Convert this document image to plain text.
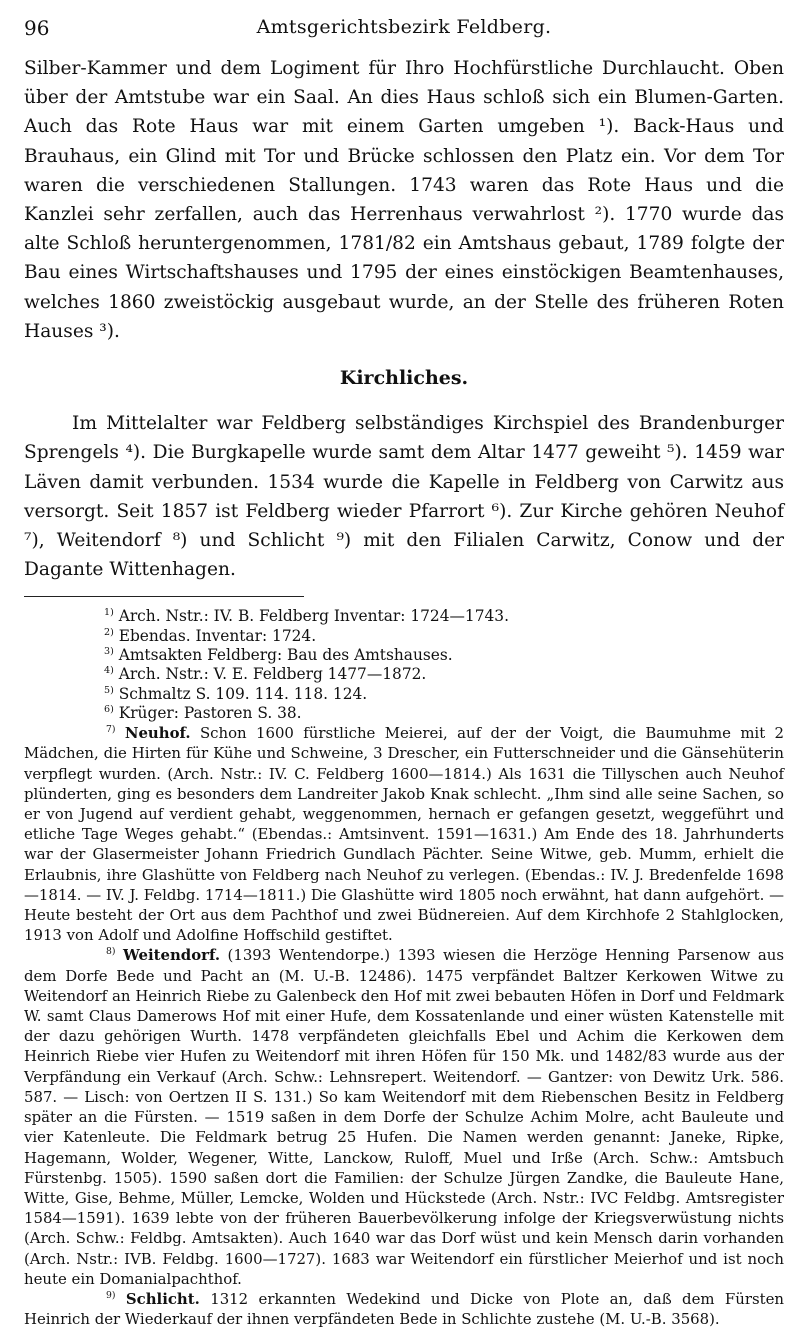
96	Amtsgerichtsbezirk Feldberg.

Silber-Kammer und dem Logiment für Ihro Hochfürstliche Durchlaucht. Oben über der Amtstube war ein Saal. An dies Haus schloß sich ein Blumen-Garten. Auch das Rote Haus war mit einem Garten umgeben ¹). Back-Haus und Brauhaus, ein Glind mit Tor und Brücke schlossen den Platz ein. Vor dem Tor waren die verschiedenen Stallungen. 1743 waren das Rote Haus und die Kanzlei sehr zerfallen, auch das Herrenhaus verwahrlost ²). 1770 wurde das alte Schloß heruntergenommen, 1781/82 ein Amtshaus gebaut, 1789 folgte der Bau eines Wirtschaftshauses und 1795 der eines einstöckigen Beamtenhauses, welches 1860 zweistöckig ausgebaut wurde, an der Stelle des früheren Roten Hauses ³).

Kirchliches.

Im Mittelalter war Feldberg selbständiges Kirchspiel des Brandenburger Sprengels ⁴). Die Burgkapelle wurde samt dem Altar 1477 geweiht ⁵). 1459 war Läven damit verbunden. 1534 wurde die Kapelle in Feldberg von Carwitz aus versorgt. Seit 1857 ist Feldberg wieder Pfarrort ⁶). Zur Kirche gehören Neuhof ⁷), Weitendorf ⁸) und Schlicht ⁹) mit den Filialen Carwitz, Conow und der Dagante Wittenhagen.

$^{1)}$ Arch. Nstr.: IV. B. Feldberg Inventar: 1724—1743.
$^{2)}$ Ebendas. Inventar: 1724.
$^{3)}$ Amtsakten Feldberg: Bau des Amtshauses.
$^{4)}$ Arch. Nstr.: V. E. Feldberg 1477—1872.
$^{5)}$ Schmaltz S. 109. 114. 118. 124.
$^{6)}$ Krüger: Pastoren S. 38.

$^{7)}$ Neuhof. Schon 1600 fürstliche Meierei, auf der der Voigt, die Baumuhme mit 2 Mädchen, die Hirten für Kühe und Schweine, 3 Drescher, ein Futterschneider und die Gänsehüterin verpflegt wurden. (Arch. Nstr.: IV. C. Feldberg 1600—1814.) Als 1631 die Tillyschen auch Neuhof plünderten, ging es besonders dem Landreiter Jakob Knak schlecht. „Ihm sind alle seine Sachen, so er von Jugend auf verdient gehabt, weggenommen, hernach er gefangen gesetzt, weggeführt und etliche Tage Weges gehabt.“ (Ebendas.: Amtsinvent. 1591—1631.) Am Ende des 18. Jahrhunderts war der Glasermeister Johann Friedrich Gundlach Pächter. Seine Witwe, geb. Mumm, erhielt die Erlaubnis, ihre Glashütte von Feldberg nach Neuhof zu verlegen. (Ebendas.: IV. J. Bredenfelde 1698—1814. — IV. J. Feldbg. 1714—1811.) Die Glashütte wird 1805 noch erwähnt, hat dann aufgehört. — Heute besteht der Ort aus dem Pachthof und zwei Büdnereien. Auf dem Kirchhofe 2 Stahlglocken, 1913 von Adolf und Adolfine Hoffschild gestiftet.

$^{8)}$ Weitendorf. (1393 Wentendorpe.) 1393 wiesen die Herzöge Henning Parsenow aus dem Dorfe Bede und Pacht an (M. U.-B. 12486). 1475 verpfändet Baltzer Kerkowen Witwe zu Weitendorf an Heinrich Riebe zu Galenbeck den Hof mit zwei bebauten Höfen in Dorf und Feldmark W. samt Claus Damerows Hof mit einer Hufe, dem Kossatenlande und einer wüsten Katenstelle mit der dazu gehörigen Wurth. 1478 verpfändeten gleichfalls Ebel und Achim die Kerkowen dem Heinrich Riebe vier Hufen zu Weitendorf mit ihren Höfen für 150 Mk. und 1482/83 wurde aus der Verpfändung ein Verkauf (Arch. Schw.: Lehnsrepert. Weitendorf. — Gantzer: von Dewitz Urk. 586. 587. — Lisch: von Oertzen II S. 131.) So kam Weitendorf mit dem Riebenschen Besitz in Feldberg später an die Fürsten. — 1519 saßen in dem Dorfe der Schulze Achim Molre, acht Bauleute und vier Katenleute. Die Feldmark betrug 25 Hufen. Die Namen werden genannt: Janeke, Ripke, Hagemann, Wolder, Wegener, Witte, Lanckow, Ruloff, Muel und Irße (Arch. Schw.: Amtsbuch Fürstenbg. 1505). 1590 saßen dort die Familien: der Schulze Jürgen Zandke, die Bauleute Hane, Witte, Gise, Behme, Müller, Lemcke, Wolden und Hückstede (Arch. Nstr.: IVC Feldbg. Amtsregister 1584—1591). 1639 lebte von der früheren Bauerbevölkerung infolge der Kriegsverwüstung nichts (Arch. Schw.: Feldbg. Amtsakten). Auch 1640 war das Dorf wüst und kein Mensch darin vorhanden (Arch. Nstr.: IVB. Feldbg. 1600—1727). 1683 war Weitendorf ein fürstlicher Meierhof und ist noch heute ein Domanialpachthof.

$^{9)}$ Schlicht. 1312 erkannten Wedekind und Dicke von Plote an, daß dem Fürsten Heinrich der Wiederkauf der ihnen verpfändeten Bede in Schlichte zustehe (M. U.-B. 3568).
